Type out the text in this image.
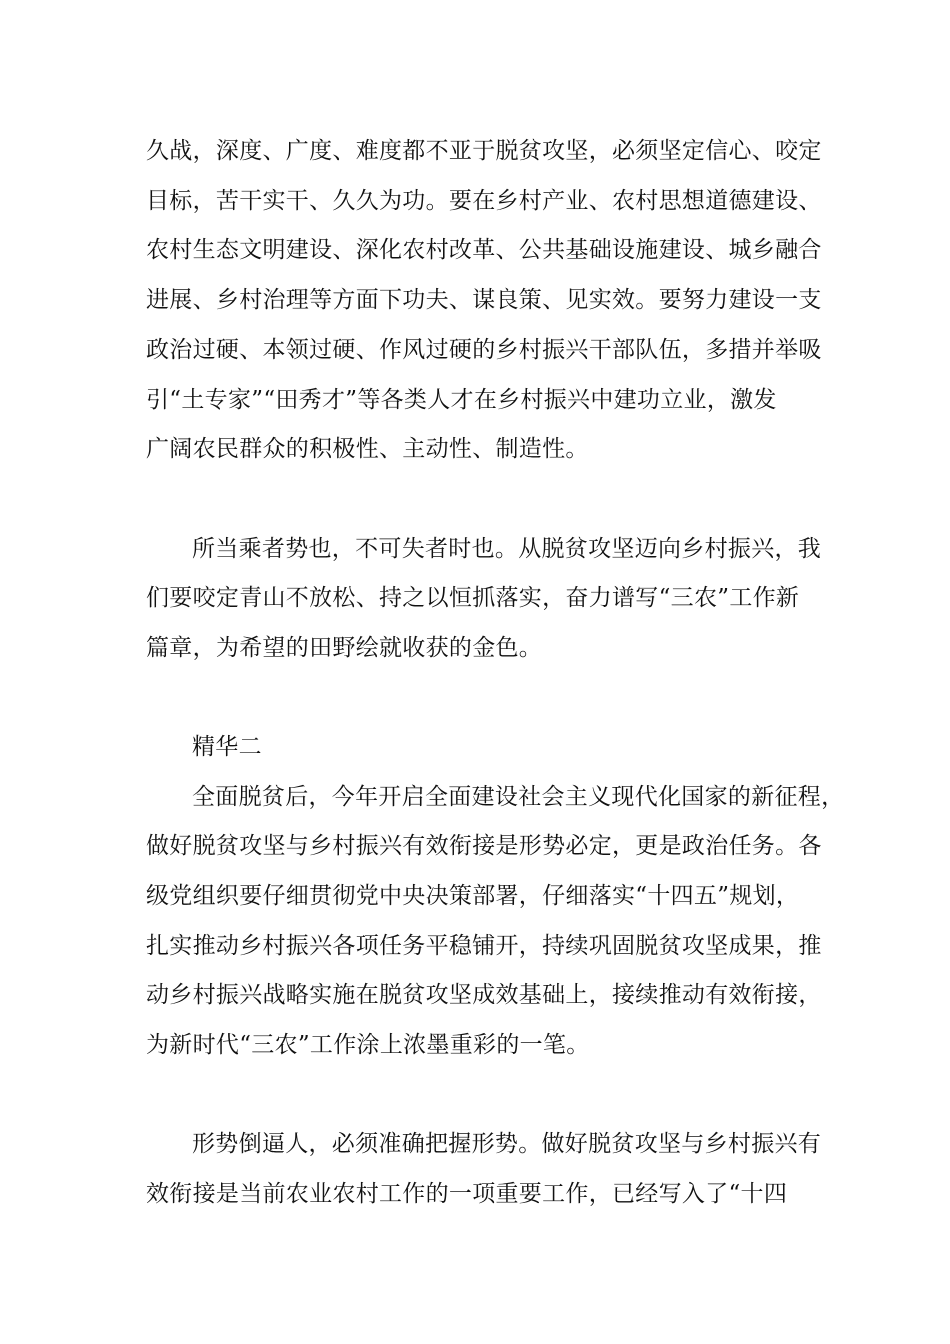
久战，深度、广度、难度都不亚于脱贫攻坚，必须坚定信心、咬定
目标，苦干实干、久久为功。要在乡村产业、农村思想道德建设、
农村生态文明建设、深化农村改革、公共基础设施建设、城乡融合
进展、乡村治理等方面下功夫、谋良策、见实效。要努力建设一支
政治过硬、本领过硬、作风过硬的乡村振兴干部队伍，多措并举吸
引“土专家”“田秀才”等各类人才在乡村振兴中建功立业，激发
广阔农民群众的积极性、主动性、制造性。
所当乘者势也，不可失者时也。从脱贫攻坚迈向乡村振兴，我
们要咬定青山不放松、持之以恒抓落实，奋力谱写“三农”工作新
篇章，为希望的田野绘就收获的金色。
精华二
全面脱贫后，今年开启全面建设社会主义现代化国家的新征程，
做好脱贫攻坚与乡村振兴有效衔接是形势必定，更是政治任务。各
级党组织要仔细贯彻党中央决策部署，仔细落实“十四五”规划，
扎实推动乡村振兴各项任务平稳铺开，持续巩固脱贫攻坚成果，推
动乡村振兴战略实施在脱贫攻坚成效基础上，接续推动有效衔接，
为新时代“三农”工作涂上浓墨重彩的一笔。
形势倒逼人，必须准确把握形势。做好脱贫攻坚与乡村振兴有
效衔接是当前农业农村工作的一项重要工作，已经写入了“十四
